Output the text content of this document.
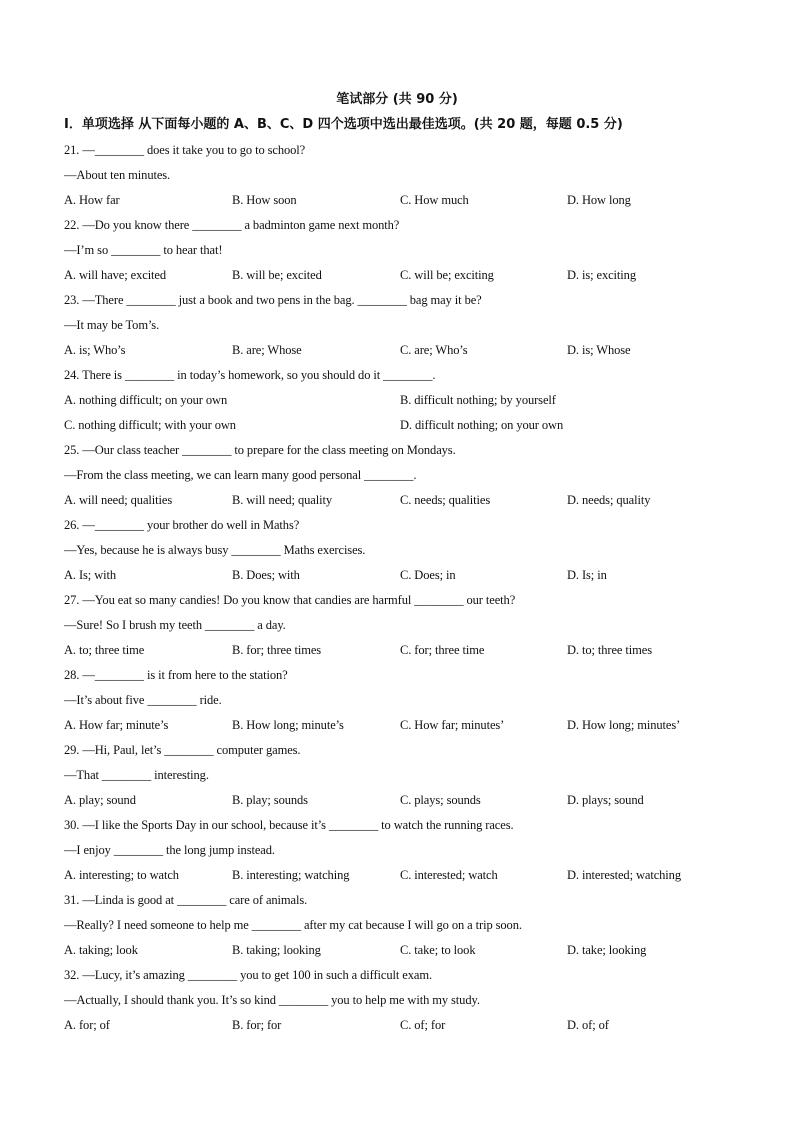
笔试部分 (共 90 分)
Ⅰ．单项选择 从下面每小题的 A、B、C、D 四个选项中选出最佳选项。(共 20 题，每题 0.5 分)
21. —________ does it take you to go to school?
—About ten minutes.
A. How far	B. How soon	C. How much	D. How long
22. —Do you know there ________ a badminton game next month?
—I’m so ________ to hear that!
A. will have; excited	B. will be; excited	C. will be; exciting	D. is; exciting
23. —There ________ just a book and two pens in the bag. ________ bag may it be?
—It may be Tom’s.
A. is; Who’s	B. are; Whose	C. are; Who’s	D. is; Whose
24. There is ________ in today’s homework, so you should do it ________.
A. nothing difficult; on your own	B. difficult nothing; by yourself
C. nothing difficult; with your own	D. difficult nothing; on your own
25. —Our class teacher ________ to prepare for the class meeting on Mondays.
—From the class meeting, we can learn many good personal ________.
A. will need; qualities	B. will need; quality	C. needs; qualities	D. needs; quality
26. —________ your brother do well in Maths?
—Yes, because he is always busy ________ Maths exercises.
A. Is; with	B. Does; with	C. Does; in	D. Is; in
27. —You eat so many candies! Do you know that candies are harmful ________ our teeth?
—Sure! So I brush my teeth ________ a day.
A. to; three time	B. for; three times	C. for; three time	D. to; three times
28. —________ is it from here to the station?
—It’s about five ________ ride.
A. How far; minute’s	B. How long; minute’s	C. How far; minutes’	D. How long; minutes’
29. —Hi, Paul, let’s ________ computer games.
—That ________ interesting.
A. play; sound	B. play; sounds	C. plays; sounds	D. plays; sound
30. —I like the Sports Day in our school, because it’s ________ to watch the running races.
—I enjoy ________ the long jump instead.
A. interesting; to watch	B. interesting; watching	C. interested; watch	D. interested; watching
31. —Linda is good at ________ care of animals.
—Really? I need someone to help me ________ after my cat because I will go on a trip soon.
A. taking; look	B. taking; looking	C. take; to look	D. take; looking
32. —Lucy, it’s amazing ________ you to get 100 in such a difficult exam.
—Actually, I should thank you. It’s so kind ________ you to help me with my study.
A. for; of	B. for; for	C. of; for	D. of; of
